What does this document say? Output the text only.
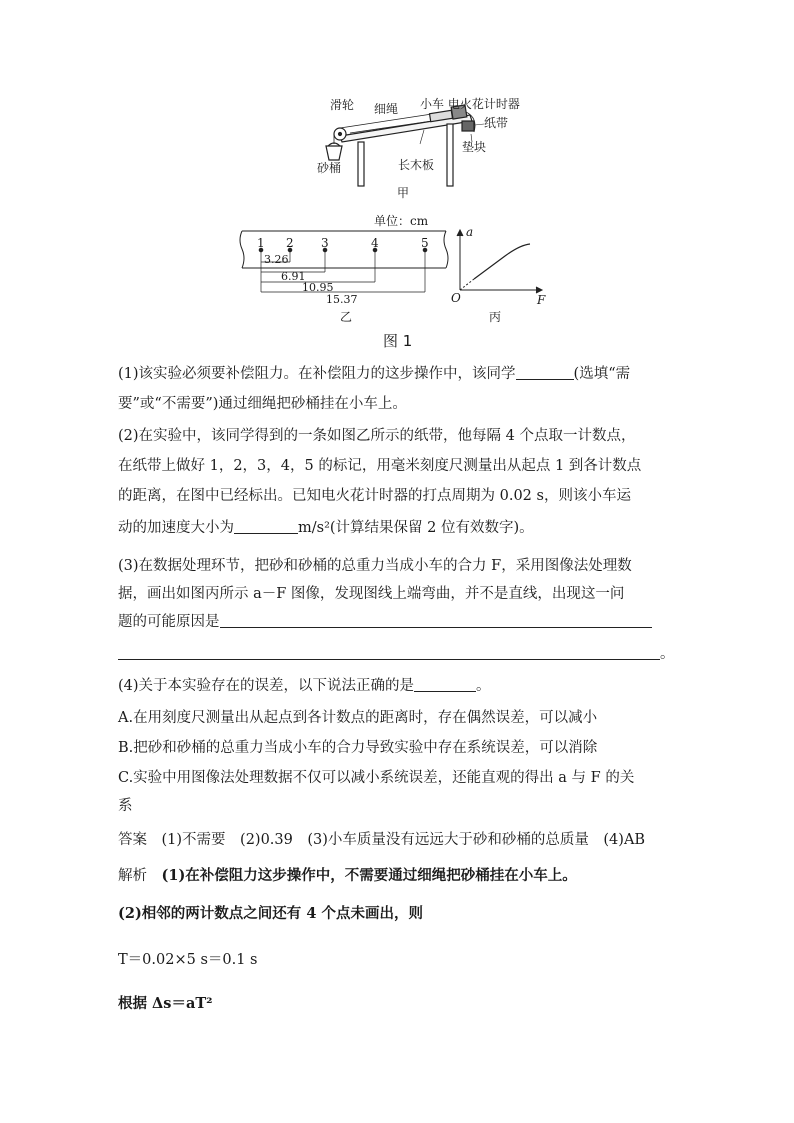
滑轮 细绳 小车 电火花计时器
纸带
垫块
砂桶	长木板
甲
单位：cm
1 2 3	4	5
3.26
6.91
10.95
15.37
乙
a
F
O
丙
图 1
(1)该实验必须要补偿阻力。在补偿阻力的这步操作中，该同学	(选填“需
要”或“不需要”)通过细绳把砂桶挂在小车上。
(2)在实验中，该同学得到的一条如图乙所示的纸带，他每隔 4 个点取一计数点，
在纸带上做好 1，2，3，4，5 的标记，用毫米刻度尺测量出从起点 1 到各计数点
的距离，在图中已经标出。已知电火花计时器的打点周期为 0.02 s，则该小车运
动的加速度大小为	m/s²(计算结果保留 2 位有效数字)。
(3)在数据处理环节，把砂和砂桶的总重力当成小车的合力 F，采用图像法处理数
据，画出如图丙所示 a－F 图像，发现图线上端弯曲，并不是直线，出现这一问
题的可能原因是
。
(4)关于本实验存在的误差，以下说法正确的是	。
A.在用刻度尺测量出从起点到各计数点的距离时，存在偶然误差，可以减小
B.把砂和砂桶的总重力当成小车的合力导致实验中存在系统误差，可以消除
C.实验中用图像法处理数据不仅可以减小系统误差，还能直观的得出 a 与 F 的关
系
答案　 (1)不需要　(2)0.39　(3)小车质量没有远远大于砂和砂桶的总质量　(4)AB
解析　 (1)在补偿阻力这步操作中，不需要通过细绳把砂桶挂在小车上。
(2)相邻的两计数点之间还有 4 个点未画出，则
T＝0.02×5 s＝0.1 s
根据 Δs＝aT²
